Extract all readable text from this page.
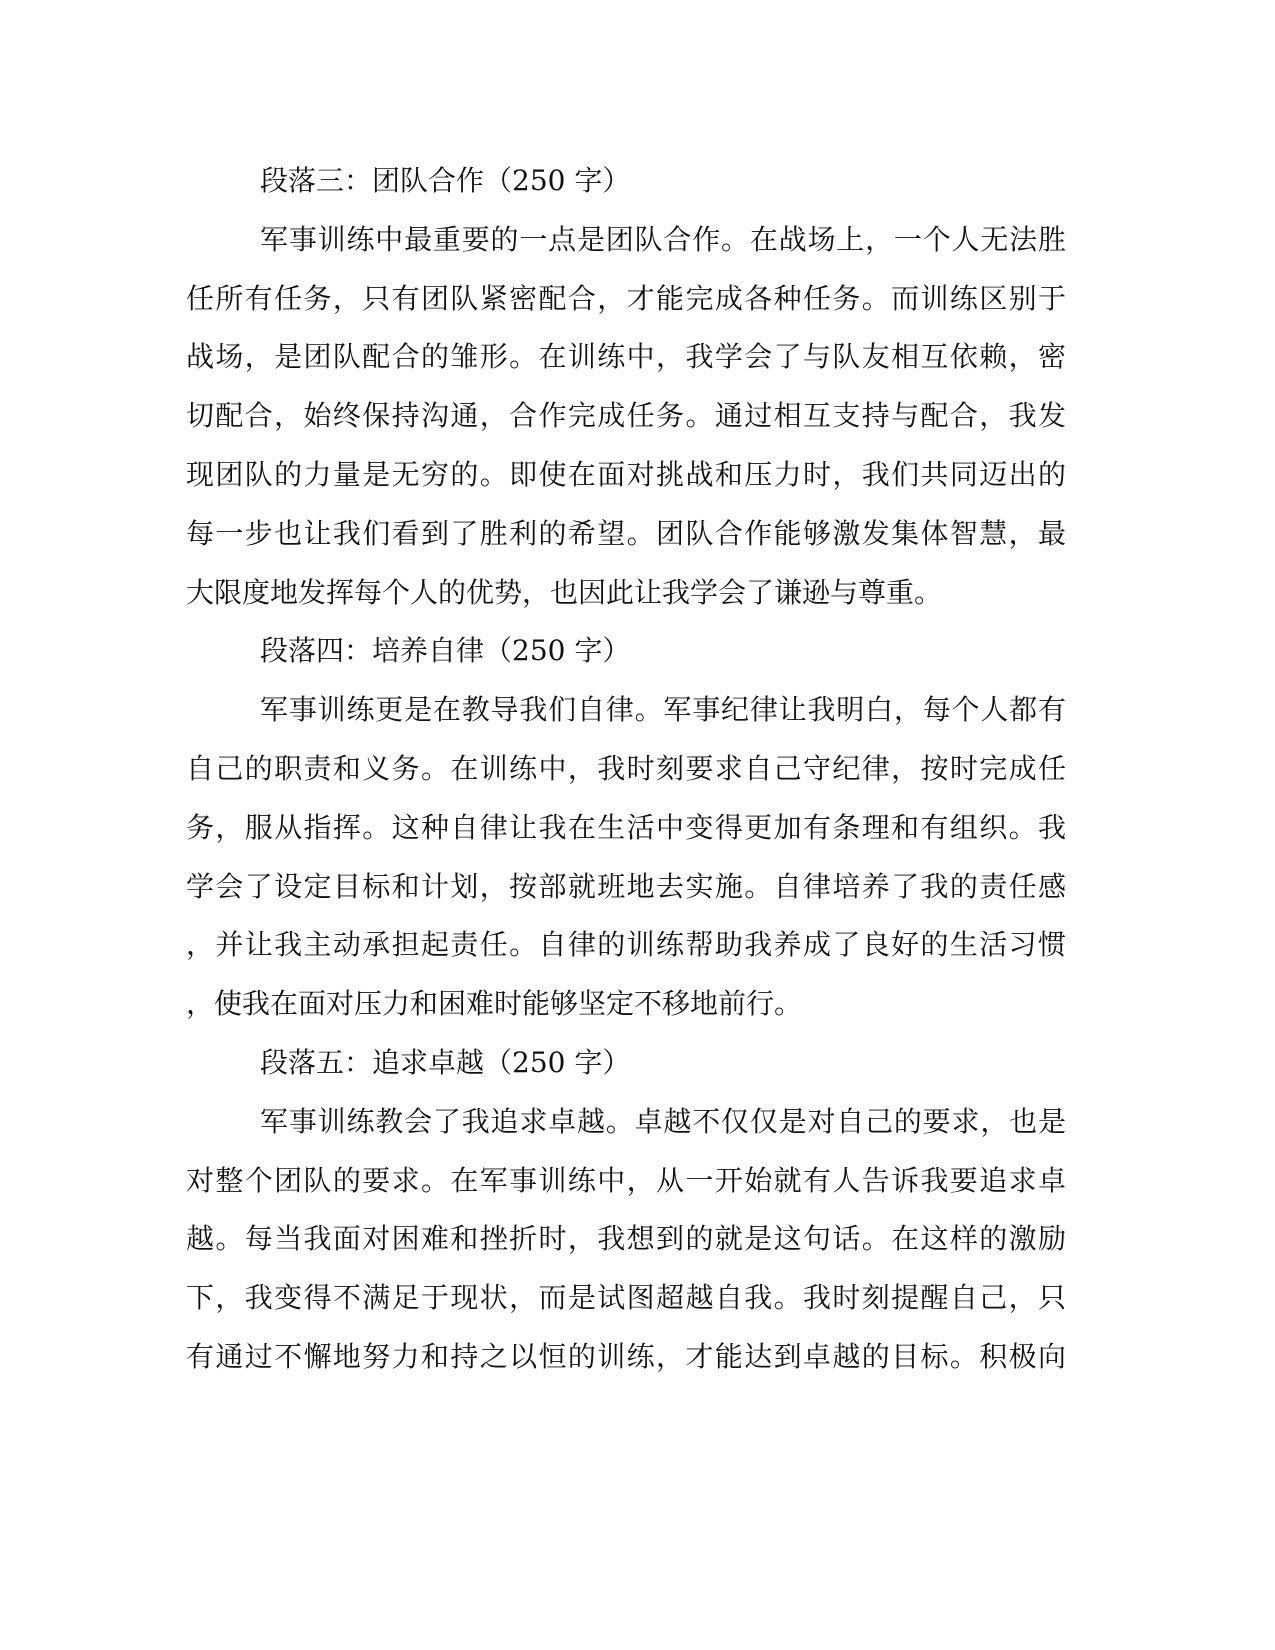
段落三：团队合作（250 字）
军事训练中最重要的一点是团队合作。在战场上，一个人无法胜
任所有任务，只有团队紧密配合，才能完成各种任务。而训练区别于
战场，是团队配合的雏形。在训练中，我学会了与队友相互依赖，密
切配合，始终保持沟通，合作完成任务。通过相互支持与配合，我发
现团队的力量是无穷的。即使在面对挑战和压力时，我们共同迈出的
每一步也让我们看到了胜利的希望。团队合作能够激发集体智慧，最
大限度地发挥每个人的优势，也因此让我学会了谦逊与尊重。
段落四：培养自律（250 字）
军事训练更是在教导我们自律。军事纪律让我明白，每个人都有
自己的职责和义务。在训练中，我时刻要求自己守纪律，按时完成任
务，服从指挥。这种自律让我在生活中变得更加有条理和有组织。我
学会了设定目标和计划，按部就班地去实施。自律培养了我的责任感
，并让我主动承担起责任。自律的训练帮助我养成了良好的生活习惯
，使我在面对压力和困难时能够坚定不移地前行。
段落五：追求卓越（250 字）
军事训练教会了我追求卓越。卓越不仅仅是对自己的要求，也是
对整个团队的要求。在军事训练中，从一开始就有人告诉我要追求卓
越。每当我面对困难和挫折时，我想到的就是这句话。在这样的激励
下，我变得不满足于现状，而是试图超越自我。我时刻提醒自己，只
有通过不懈地努力和持之以恒的训练，才能达到卓越的目标。积极向
